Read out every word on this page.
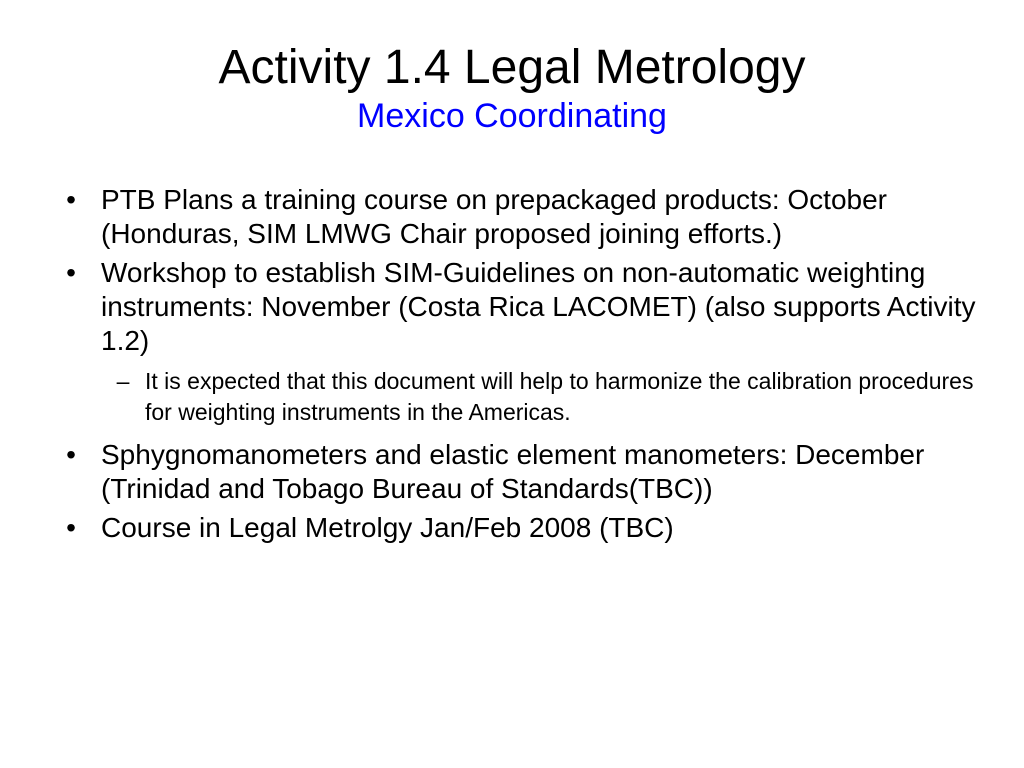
Activity 1.4 Legal Metrology
Mexico Coordinating
• PTB Plans a training course on prepackaged products: October (Honduras, SIM LMWG Chair proposed joining efforts.)
• Workshop to establish SIM-Guidelines on non-automatic weighting instruments: November (Costa Rica LACOMET) (also supports Activity 1.2)
– It is expected that this document will help to harmonize the calibration procedures for weighting instruments in the Americas.
• Sphygnomanometers and elastic element manometers: December (Trinidad and Tobago Bureau of Standards(TBC))
• Course in Legal Metrolgy Jan/Feb 2008 (TBC)
